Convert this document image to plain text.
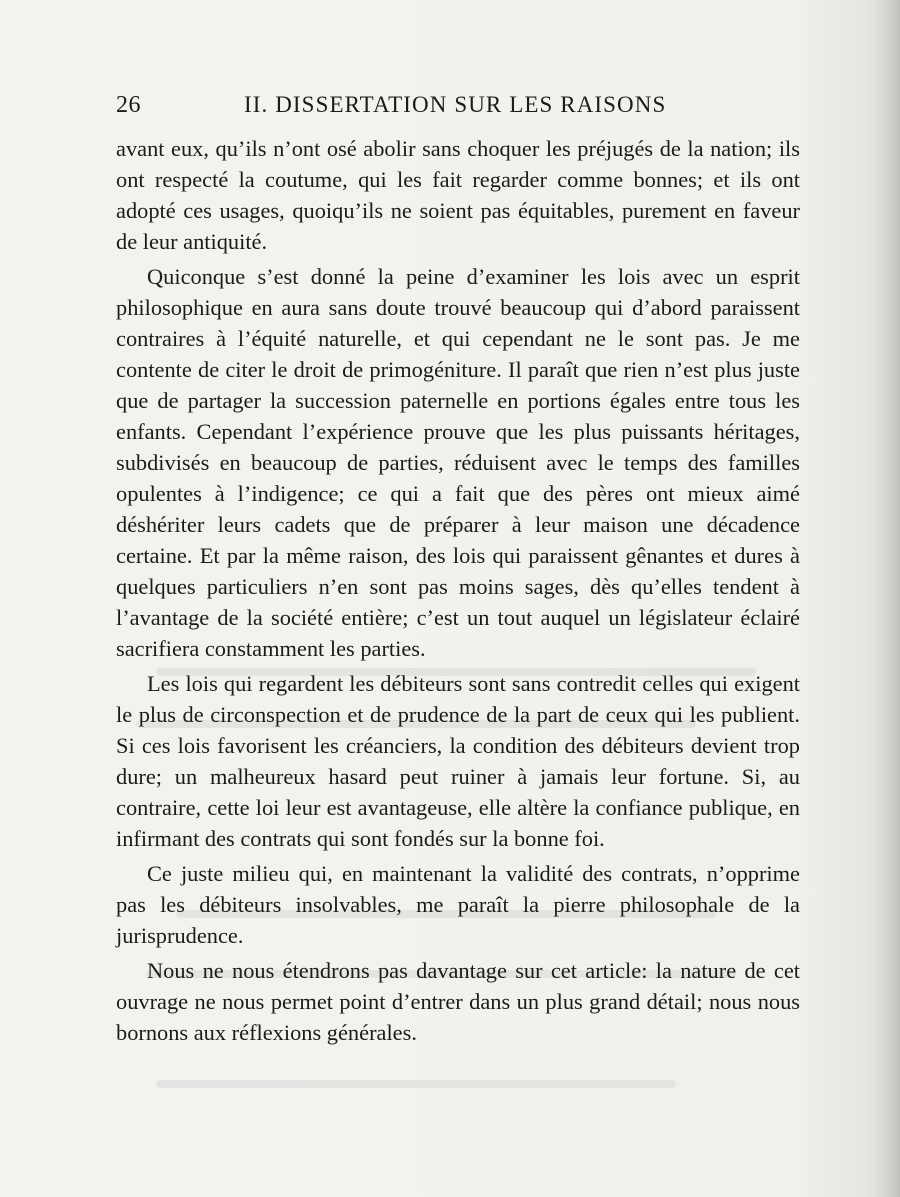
26	II. DISSERTATION SUR LES RAISONS

avant eux, qu’ils n’ont osé abolir sans choquer les préjugés de la nation; ils ont respecté la coutume, qui les fait regarder comme bonnes; et ils ont adopté ces usages, quoiqu’ils ne soient pas équitables, purement en faveur de leur antiquité.

Quiconque s’est donné la peine d’examiner les lois avec un esprit philosophique en aura sans doute trouvé beaucoup qui d’abord paraissent contraires à l’équité naturelle, et qui cependant ne le sont pas. Je me contente de citer le droit de primogéniture. Il paraît que rien n’est plus juste que de partager la succession paternelle en portions égales entre tous les enfants. Cependant l’expérience prouve que les plus puissants héritages, subdivisés en beaucoup de parties, réduisent avec le temps des familles opulentes à l’indigence; ce qui a fait que des pères ont mieux aimé déshériter leurs cadets que de préparer à leur maison une décadence certaine. Et par la même raison, des lois qui paraissent gênantes et dures à quelques particuliers n’en sont pas moins sages, dès qu’elles tendent à l’avantage de la société entière; c’est un tout auquel un législateur éclairé sacrifiera constamment les parties.

Les lois qui regardent les débiteurs sont sans contredit celles qui exigent le plus de circonspection et de prudence de la part de ceux qui les publient. Si ces lois favorisent les créanciers, la condition des débiteurs devient trop dure; un malheureux hasard peut ruiner à jamais leur fortune. Si, au contraire, cette loi leur est avantageuse, elle altère la confiance publique, en infirmant des contrats qui sont fondés sur la bonne foi.

Ce juste milieu qui, en maintenant la validité des contrats, n’opprime pas les débiteurs insolvables, me paraît la pierre philosophale de la jurisprudence.

Nous ne nous étendrons pas davantage sur cet article: la nature de cet ouvrage ne nous permet point d’entrer dans un plus grand détail; nous nous bornons aux réflexions générales.
